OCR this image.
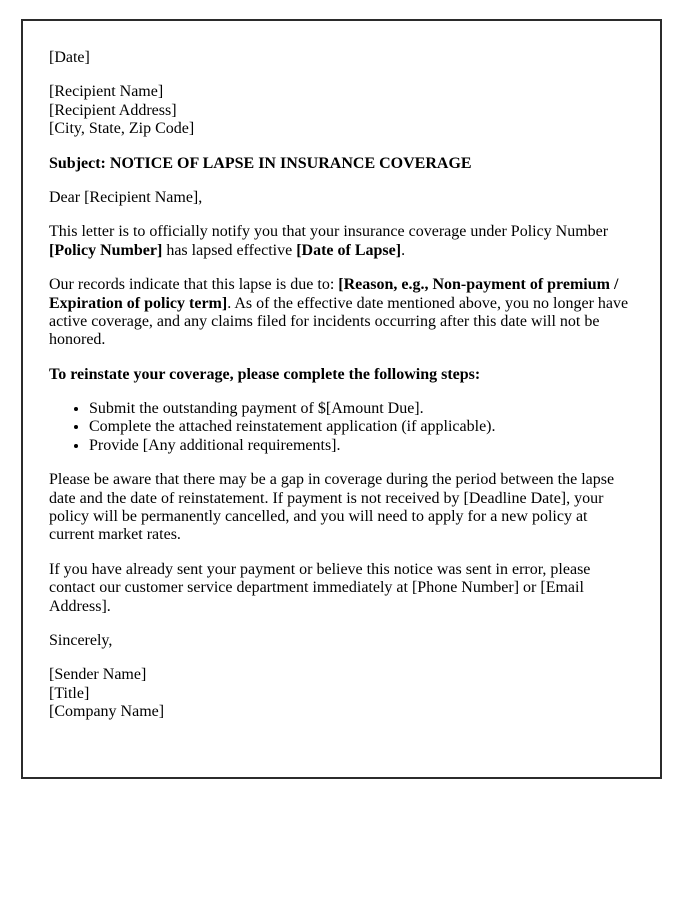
[Date]

[Recipient Name]
[Recipient Address]
[City, State, Zip Code]

Subject: NOTICE OF LAPSE IN INSURANCE COVERAGE

Dear [Recipient Name],

This letter is to officially notify you that your insurance coverage under Policy Number [Policy Number] has lapsed effective [Date of Lapse].

Our records indicate that this lapse is due to: [Reason, e.g., Non-payment of premium / Expiration of policy term]. As of the effective date mentioned above, you no longer have active coverage, and any claims filed for incidents occurring after this date will not be honored.

To reinstate your coverage, please complete the following steps:

• Submit the outstanding payment of $[Amount Due].
• Complete the attached reinstatement application (if applicable).
• Provide [Any additional requirements].

Please be aware that there may be a gap in coverage during the period between the lapse date and the date of reinstatement. If payment is not received by [Deadline Date], your policy will be permanently cancelled, and you will need to apply for a new policy at current market rates.

If you have already sent your payment or believe this notice was sent in error, please contact our customer service department immediately at [Phone Number] or [Email Address].

Sincerely,

[Sender Name]
[Title]
[Company Name]
